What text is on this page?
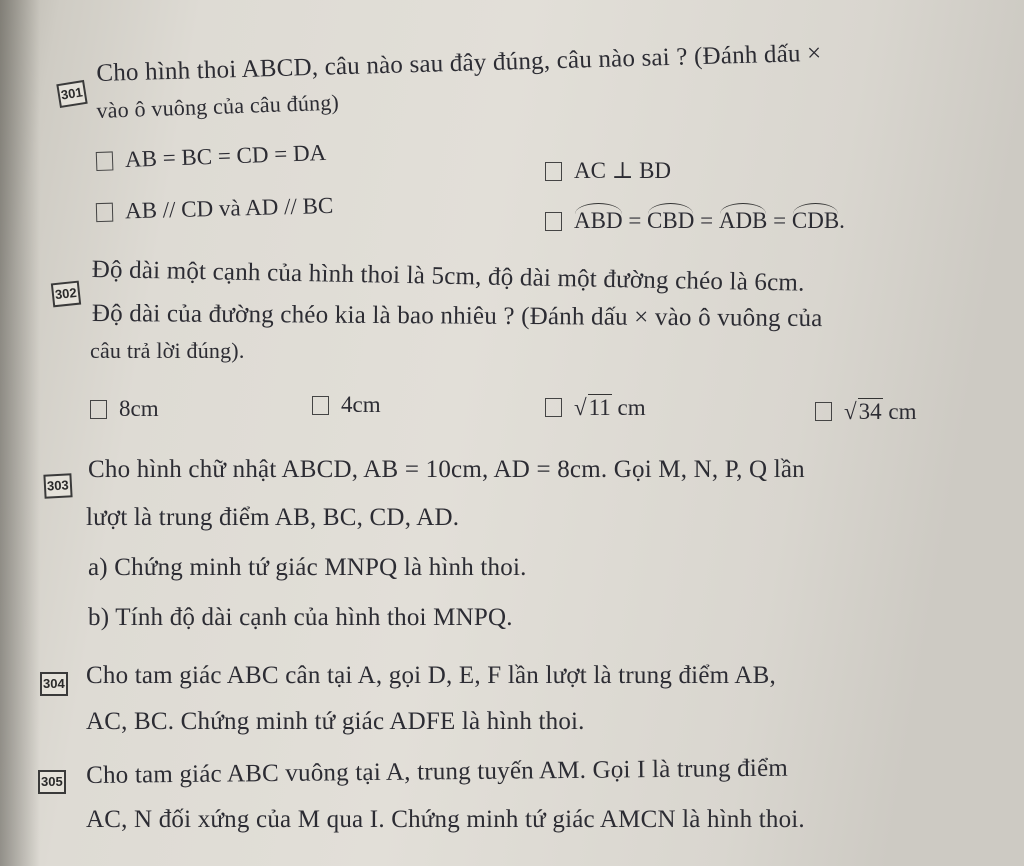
301
Cho hình thoi ABCD, câu nào sau đây đúng, câu nào sai ? (Đánh dấu ×
vào ô vuông của câu đúng)
AB = BC = CD = DA	AC ⊥ BD
AB // CD và AD // BC	ABD = CBD = ADB = CDB .
302 Độ dài một cạnh của hình thoi là 5cm, độ dài một đường chéo là 6cm.
Độ dài của đường chéo kia là bao nhiêu ? (Đánh dấu × vào ô vuông của
câu trả lời đúng).
8cm	4cm	√ 11 cm	√ 34 cm
303
Cho hình chữ nhật ABCD, AB = 10cm, AD = 8cm. Gọi M, N, P, Q lần
lượt là trung điểm AB, BC, CD, AD.
a) Chứng minh tứ giác MNPQ là hình thoi.
b) Tính độ dài cạnh của hình thoi MNPQ.
304 Cho tam giác ABC cân tại A, gọi D, E, F lần lượt là trung điểm AB,
AC, BC. Chứng minh tứ giác ADFE là hình thoi.
305 Cho tam giác ABC vuông tại A, trung tuyến AM. Gọi I là trung điểm
AC, N đối xứng của M qua I. Chứng minh tứ giác AMCN là hình thoi.
